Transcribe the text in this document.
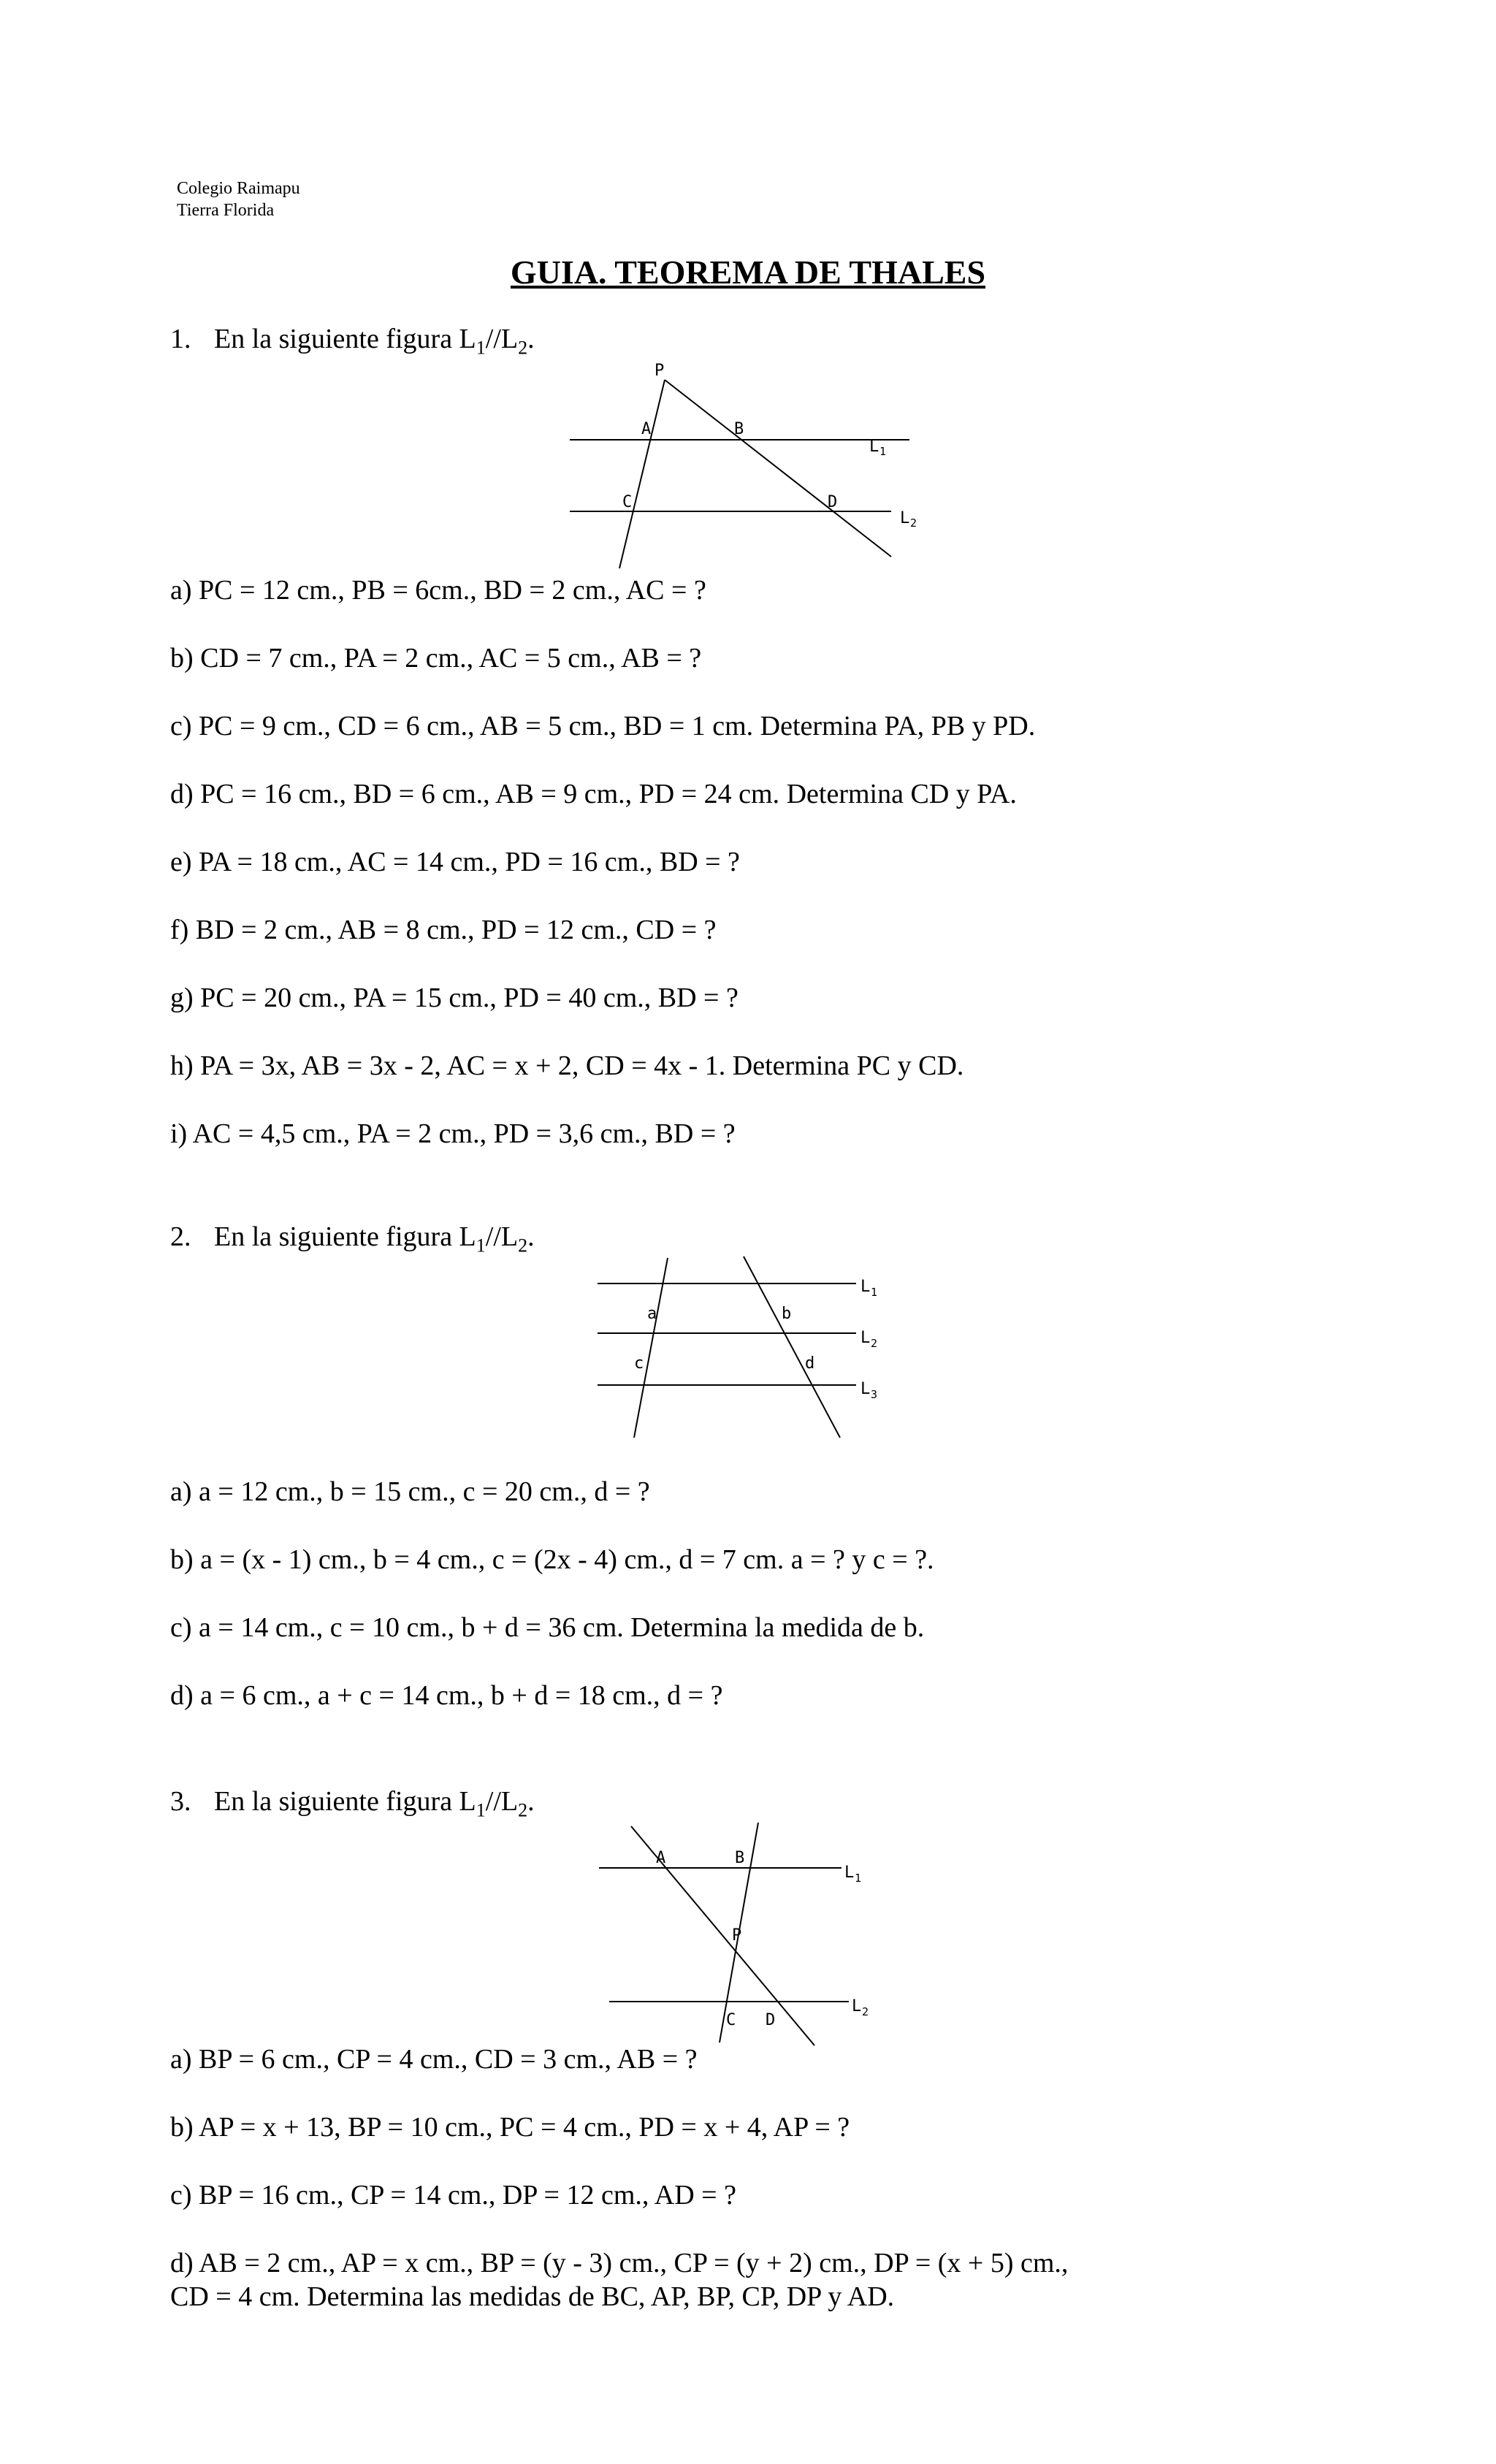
Colegio Raimapu
Tierra Florida
GUIA. TEOREMA DE THALES
1. En la siguiente figura $L_1//L_2$.
P
A	B
C	D
L 1
L 2
a) PC = 12 cm., PB = 6cm., BD = 2 cm., AC = ?
b) CD = 7 cm., PA = 2 cm., AC = 5 cm., AB = ?
c) PC = 9 cm., CD = 6 cm., AB = 5 cm., BD = 1 cm. Determina PA, PB y PD.
d) PC = 16 cm., BD = 6 cm., AB = 9 cm., PD = 24 cm. Determina CD y PA.
e) PA = 18 cm., AC = 14 cm., PD = 16 cm., BD = ?
f) BD = 2 cm., AB = 8 cm., PD = 12 cm., CD = ?
g) PC = 20 cm., PA = 15 cm., PD = 40 cm., BD = ?
h) PA = 3x, AB = 3x - 2, AC = x + 2, CD = 4x - 1. Determina PC y CD.
i) AC = 4,5 cm., PA = 2 cm., PD = 3,6 cm., BD = ?
2. En la siguiente figura $L_1//L_2$.
a	b
c	d
L 1
L 2
L 3
a) a = 12 cm., b = 15 cm., c = 20 cm., d = ?
b) a = (x - 1) cm., b = 4 cm., c = (2x - 4) cm., d = 7 cm. a = ? y c = ?.
c) a = 14 cm., c = 10 cm., b + d = 36 cm. Determina la medida de b.
d) a = 6 cm., a + c = 14 cm., b + d = 18 cm., d = ?
3. En la siguiente figura $L_1//L_2$.
A	B
P
C D
L 1
L 2
a) BP = 6 cm., CP = 4 cm., CD = 3 cm., AB = ?
b) AP = x + 13, BP = 10 cm., PC = 4 cm., PD = x + 4, AP = ?
c) BP = 16 cm., CP = 14 cm., DP = 12 cm., AD = ?
d) AB = 2 cm., AP = x cm., BP = (y - 3) cm., CP = (y + 2) cm., DP = (x + 5) cm.,
CD = 4 cm. Determina las medidas de BC, AP, BP, CP, DP y AD.
